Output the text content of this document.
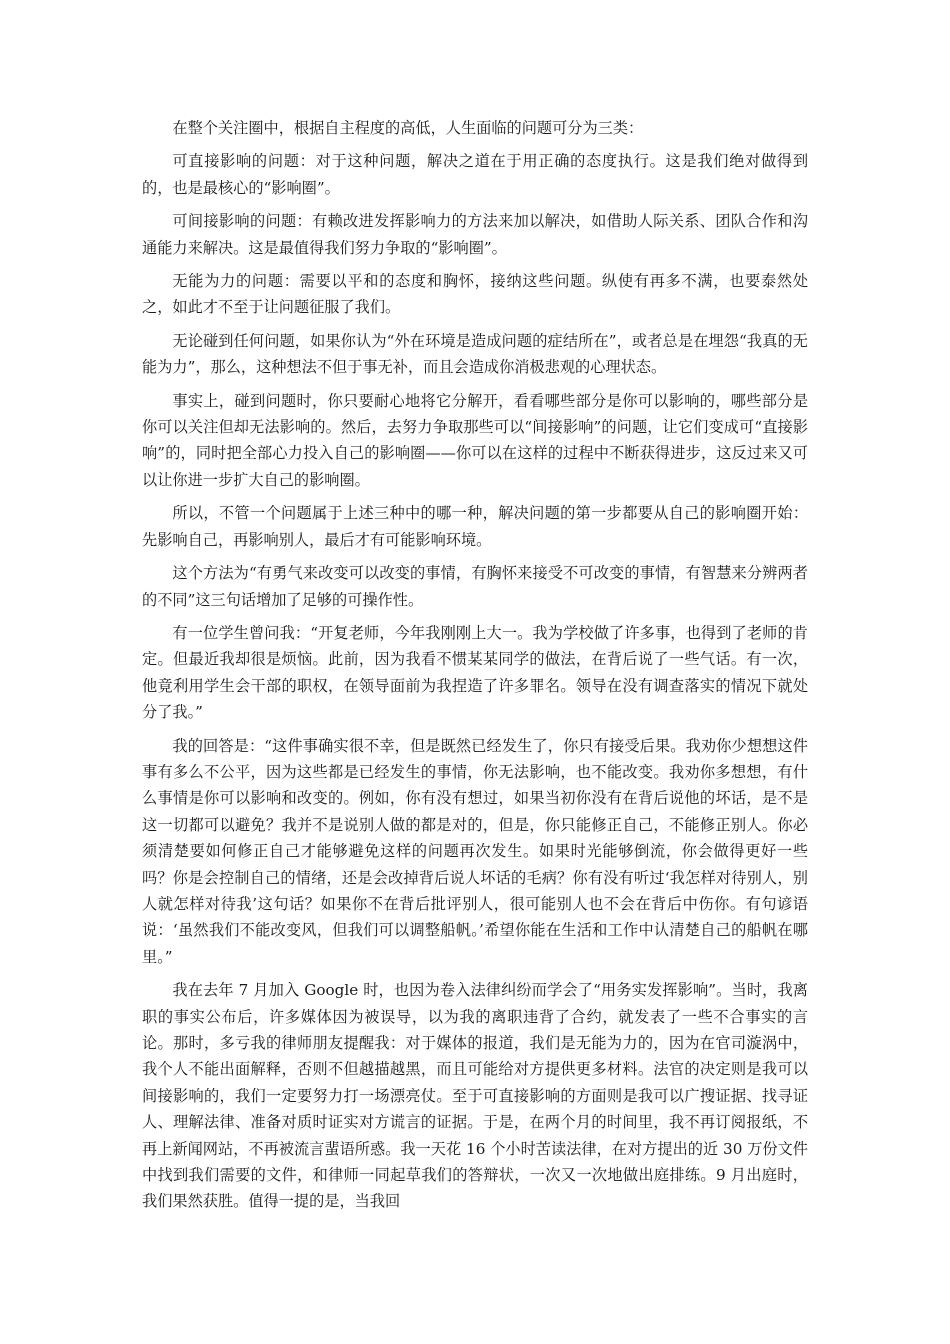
在整个关注圈中，根据自主程度的高低，人生面临的问题可分为三类：

可直接影响的问题：对于这种问题，解决之道在于用正确的态度执行。这是我们绝对做得到的，也是最核心的“影响圈”。

可间接影响的问题：有赖改进发挥影响力的方法来加以解决，如借助人际关系、团队合作和沟通能力来解决。这是最值得我们努力争取的“影响圈”。

无能为力的问题：需要以平和的态度和胸怀，接纳这些问题。纵使有再多不满，也要泰然处之，如此才不至于让问题征服了我们。

无论碰到任何问题，如果你认为“外在环境是造成问题的症结所在”，或者总是在埋怨“我真的无能为力”，那么，这种想法不但于事无补，而且会造成你消极悲观的心理状态。

事实上，碰到问题时，你只要耐心地将它分解开，看看哪些部分是你可以影响的，哪些部分是你可以关注但却无法影响的。然后，去努力争取那些可以“间接影响”的问题，让它们变成可“直接影响”的，同时把全部心力投入自己的影响圈——你可以在这样的过程中不断获得进步，这反过来又可以让你进一步扩大自己的影响圈。

所以，不管一个问题属于上述三种中的哪一种，解决问题的第一步都要从自己的影响圈开始：先影响自己，再影响别人，最后才有可能影响环境。

这个方法为“有勇气来改变可以改变的事情，有胸怀来接受不可改变的事情，有智慧来分辨两者的不同”这三句话增加了足够的可操作性。

有一位学生曾问我：“开复老师，今年我刚刚上大一。我为学校做了许多事，也得到了老师的肯定。但最近我却很是烦恼。此前，因为我看不惯某某同学的做法，在背后说了一些气话。有一次，他竟利用学生会干部的职权，在领导面前为我捏造了许多罪名。领导在没有调查落实的情况下就处分了我。”

我的回答是：“这件事确实很不幸，但是既然已经发生了，你只有接受后果。我劝你少想想这件事有多么不公平，因为这些都是已经发生的事情，你无法影响，也不能改变。我劝你多想想，有什么事情是你可以影响和改变的。例如，你有没有想过，如果当初你没有在背后说他的坏话，是不是这一切都可以避免？我并不是说别人做的都是对的，但是，你只能修正自己，不能修正别人。你必须清楚要如何修正自己才能够避免这样的问题再次发生。如果时光能够倒流，你会做得更好一些吗？你是会控制自己的情绪，还是会改掉背后说人坏话的毛病？你有没有听过‘我怎样对待别人，别人就怎样对待我’这句话？如果你不在背后批评别人，很可能别人也不会在背后中伤你。有句谚语说：‘虽然我们不能改变风，但我们可以调整船帆。’希望你能在生活和工作中认清楚自己的船帆在哪里。”

我在去年 7 月加入 Google 时，也因为卷入法律纠纷而学会了“用务实发挥影响”。当时，我离职的事实公布后，许多媒体因为被误导，以为我的离职违背了合约，就发表了一些不合事实的言论。那时，多亏我的律师朋友提醒我：对于媒体的报道，我们是无能为力的，因为在官司漩涡中，我个人不能出面解释，否则不但越描越黑，而且可能给对方提供更多材料。法官的决定则是我可以间接影响的，我们一定要努力打一场漂亮仗。至于可直接影响的方面则是我可以广搜证据、找寻证人、理解法律、准备对质时证实对方谎言的证据。于是，在两个月的时间里，我不再订阅报纸，不再上新闻网站，不再被流言蜚语所惑。我一天花 16 个小时苦读法律，在对方提出的近 30 万份文件中找到我们需要的文件，和律师一同起草我们的答辩状，一次又一次地做出庭排练。9 月出庭时，我们果然获胜。值得一提的是，当我回
